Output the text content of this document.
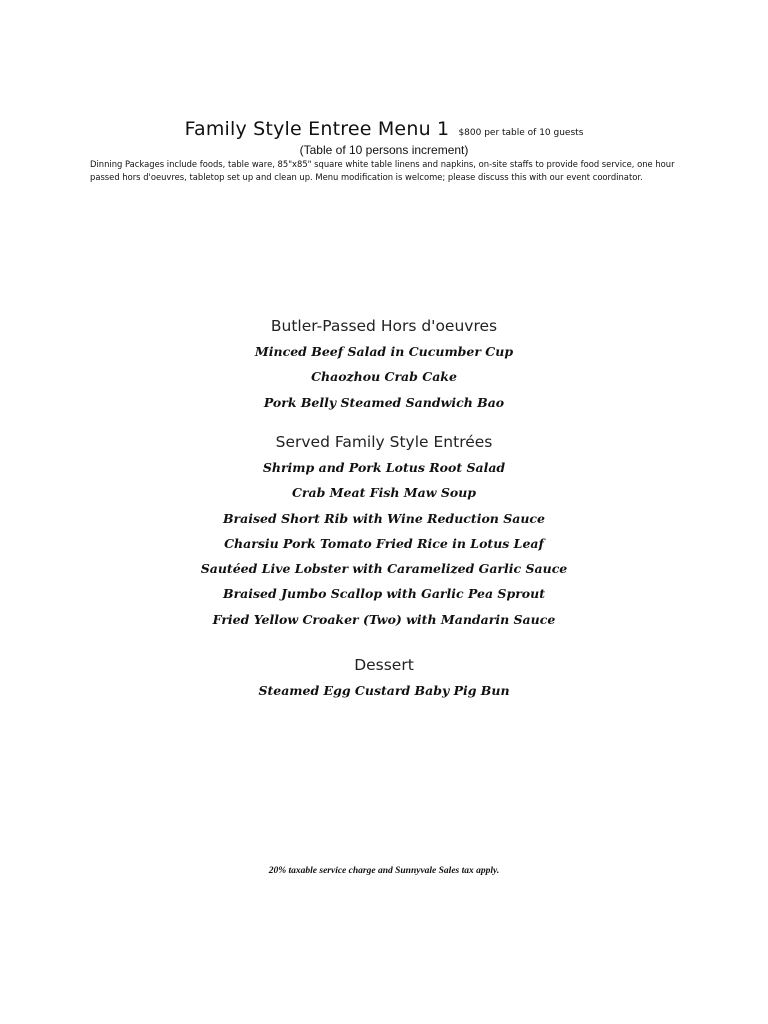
Family Style Entree Menu 1 $800 per table of 10 guests
(Table of 10 persons increment)
Dinning Packages include foods, table ware, 85"x85" square white table linens and napkins, on-site staffs to provide food service, one hour passed hors d'oeuvres, tabletop set up and clean up. Menu modification is welcome; please discuss this with our event coordinator.
Butler-Passed Hors d'oeuvres
Minced Beef Salad in Cucumber Cup
Chaozhou Crab Cake
Pork Belly Steamed Sandwich Bao
Served Family Style Entrées
Shrimp and Pork Lotus Root Salad
Crab Meat Fish Maw Soup
Braised Short Rib with Wine Reduction Sauce
Charsiu Pork Tomato Fried Rice in Lotus Leaf
Sautéed Live Lobster with Caramelized Garlic Sauce
Braised Jumbo Scallop with Garlic Pea Sprout
Fried Yellow Croaker (Two) with Mandarin Sauce
Dessert
Steamed Egg Custard Baby Pig Bun
20% taxable service charge and Sunnyvale Sales tax apply.
